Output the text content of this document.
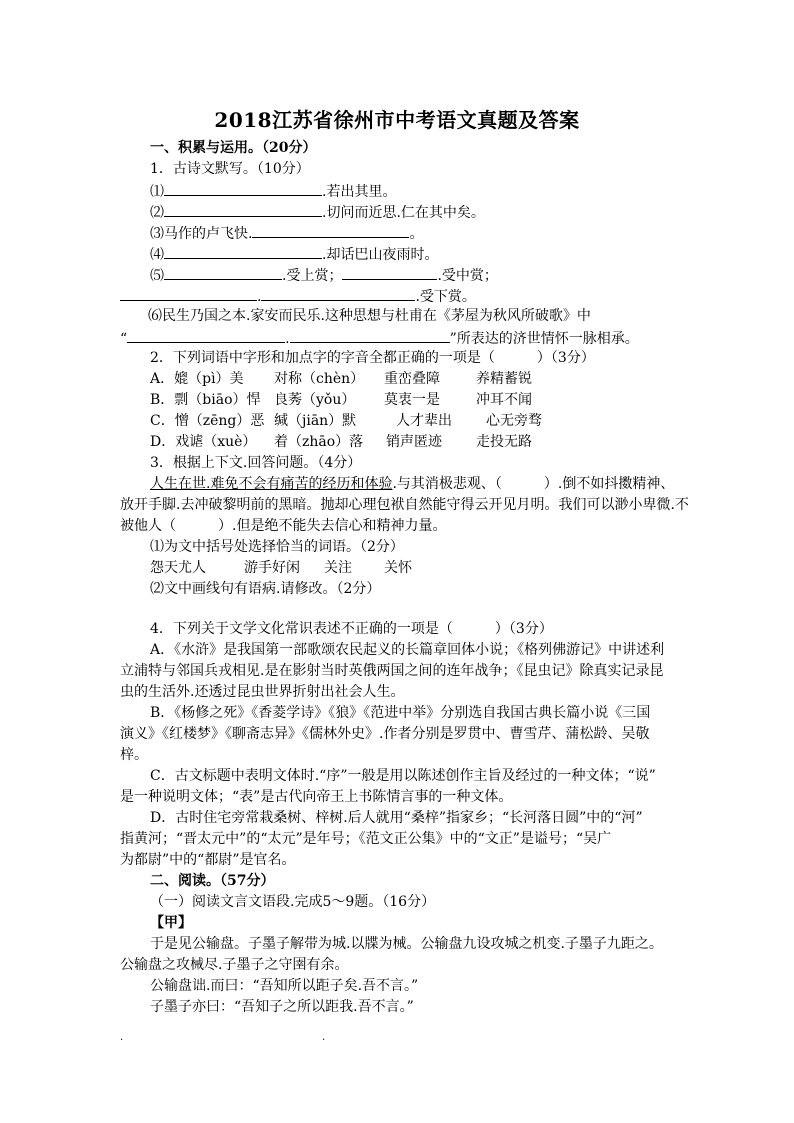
2018江苏省徐州市中考语文真题及答案
一、积累与运用。（20分）
1．古诗文默写。（10分）
⑴	.若出其里。
⑵	.切问而近思.仁在其中矣。
⑶马作的卢飞快.	。
⑷	.却话巴山夜雨时。
⑸	.受上赏；	.受中赏；
.	.受下赏。
⑹民生乃国之本.家安而民乐.这种思想与杜甫在《茅屋为秋风所破歌》中
“	.	”所表达的济世情怀一脉相承。
2．下列词语中字形和加点字的字音全都正确的一项是（　　　）（3分）
A．媲（pì）美 对称（chèn） 重峦叠障	养精蓄锐
B．剽（biāo）悍 良莠（yǒu） 莫衷一是	冲耳不闻
C．憎（zēng）恶 缄（jiān）默	人才辈出 心无旁骛
D．戏谑（xuè） 着（zhāo）落 销声匿迹 走投无路
3．根据上下文.回答问题。（4分）
人生在世.难免不会有痛苦的经历和体验.与其消极悲观、（　　　）.倒不如抖擞精神、
放开手脚.去冲破黎明前的黑暗。抛却心理包袱自然能守得云开见月明。我们可以渺小卑微.不
被他人（　　　）.但是绝不能失去信心和精神力量。
⑴为文中括号处选择恰当的词语。（2分）
怨天尤人	游手好闲 关注 关怀
⑵文中画线句有语病.请修改。（2分）
4．下列关于文学文化常识表述不正确的一项是（　　　）（3分）
A．《水浒》是我国第一部歌颂农民起义的长篇章回体小说；《格列佛游记》中讲述利
立浦特与邻国兵戎相见.是在影射当时英俄两国之间的连年战争；《昆虫记》除真实记录昆
虫的生活外.还透过昆虫世界折射出社会人生。
B．《杨修之死》《香菱学诗》《狼》《范进中举》分别选自我国古典长篇小说《三国
演义》《红楼梦》《聊斋志异》《儒林外史》.作者分别是罗贯中、曹雪芹、蒲松龄、吴敬
梓。
C．古文标题中表明文体时.“序”一般是用以陈述创作主旨及经过的一种文体；“说”
是一种说明文体；“表”是古代向帝王上书陈情言事的一种文体。
D．古时住宅旁常栽桑树、梓树.后人就用“桑梓”指家乡；“长河落日圆”中的“河”
指黄河；“晋太元中”的“太元”是年号；《范文正公集》中的“文正”是谥号；“吴广
为都尉”中的“都尉”是官名。
二、阅读。（57分）
（一）阅读文言文语段.完成5～9题。（16分）
【甲】
于是见公输盘。子墨子解带为城.以牒为械。公输盘九设攻城之机变.子墨子九距之。
公输盘之攻械尽.子墨子之守圉有余。
公输盘诎.而曰：“吾知所以距子矣.吾不言。”
子墨子亦曰：“吾知子之所以距我.吾不言。”
.	.
